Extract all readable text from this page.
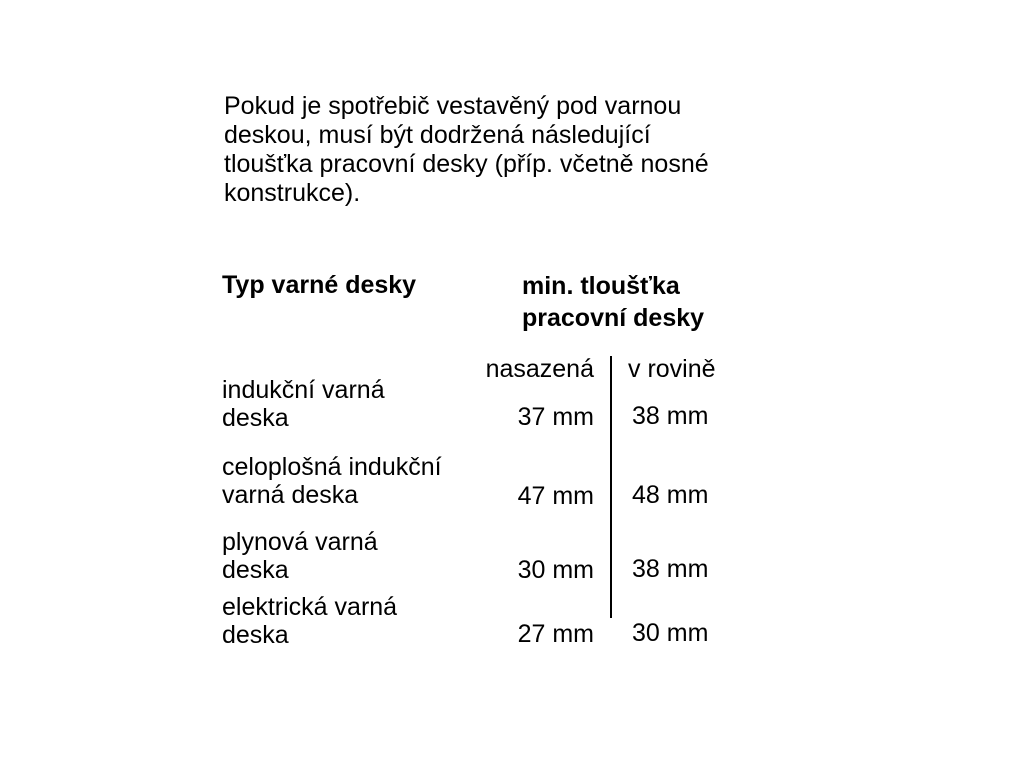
Pokud je spotřebič vestavěný pod varnou
deskou, musí být dodržená následující
tloušťka pracovní desky (příp. včetně nosné
konstrukce).
Typ varné desky	min. tloušťka
pracovní desky
nasazená v rovině
indukční varná
deska	37 mm 38 mm
celoplošná indukční
varná deska	47 mm 48 mm
plynová varná
deska	30 mm 38 mm
elektrická varná
deska	27 mm 30 mm
